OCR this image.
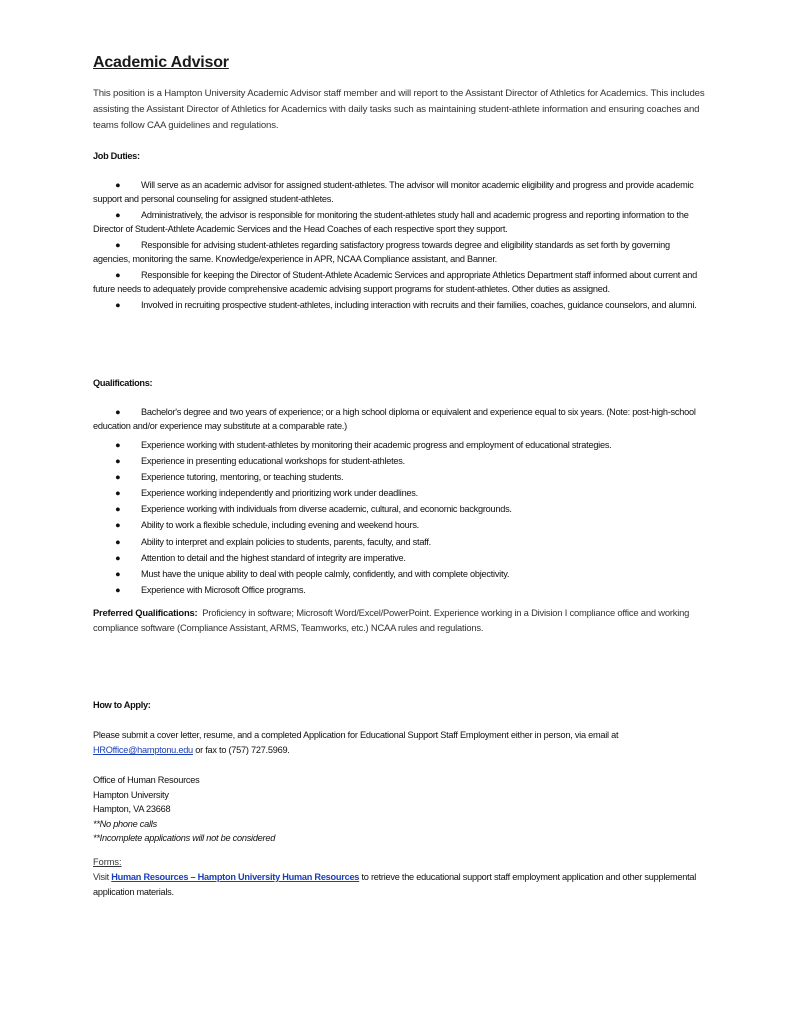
Academic Advisor
This position is a Hampton University Academic Advisor staff member and will report to the Assistant Director of Athletics for Academics. This includes assisting the Assistant Director of Athletics for Academics with daily tasks such as maintaining student-athlete information and ensuring coaches and teams follow CAA guidelines and regulations.
Job Duties:
● Will serve as an academic advisor for assigned student-athletes. The advisor will monitor academic eligibility and progress and provide academic support and personal counseling for assigned student-athletes.
● Administratively, the advisor is responsible for monitoring the student-athletes study hall and academic progress and reporting information to the Director of Student-Athlete Academic Services and the Head Coaches of each respective sport they support.
● Responsible for advising student-athletes regarding satisfactory progress towards degree and eligibility standards as set forth by governing agencies, monitoring the same. Knowledge/experience in APR, NCAA Compliance assistant, and Banner.
● Responsible for keeping the Director of Student-Athlete Academic Services and appropriate Athletics Department staff informed about current and future needs to adequately provide comprehensive academic advising support programs for student-athletes. Other duties as assigned.
● Involved in recruiting prospective student-athletes, including interaction with recruits and their families, coaches, guidance counselors, and alumni.
Qualifications:
● Bachelor's degree and two years of experience; or a high school diploma or equivalent and experience equal to six years. (Note: post-high-school education and/or experience may substitute at a comparable rate.)
● Experience working with student-athletes by monitoring their academic progress and employment of educational strategies.
● Experience in presenting educational workshops for student-athletes.
● Experience tutoring, mentoring, or teaching students.
● Experience working independently and prioritizing work under deadlines.
● Experience working with individuals from diverse academic, cultural, and economic backgrounds.
● Ability to work a flexible schedule, including evening and weekend hours.
● Ability to interpret and explain policies to students, parents, faculty, and staff.
● Attention to detail and the highest standard of integrity are imperative.
● Must have the unique ability to deal with people calmly, confidently, and with complete objectivity.
● Experience with Microsoft Office programs.
Preferred Qualifications: Proficiency in software; Microsoft Word/Excel/PowerPoint. Experience working in a Division I compliance office and working compliance software (Compliance Assistant, ARMS, Teamworks, etc.) NCAA rules and regulations.
How to Apply:
Please submit a cover letter, resume, and a completed Application for Educational Support Staff Employment either in person, via email at HROffice@hamptonu.edu or fax to (757) 727.5969.
Office of Human Resources
Hampton University
Hampton, VA 23668
**No phone calls
**Incomplete applications will not be considered
Forms:
Visit Human Resources – Hampton University Human Resources to retrieve the educational support staff employment application and other supplemental application materials.
